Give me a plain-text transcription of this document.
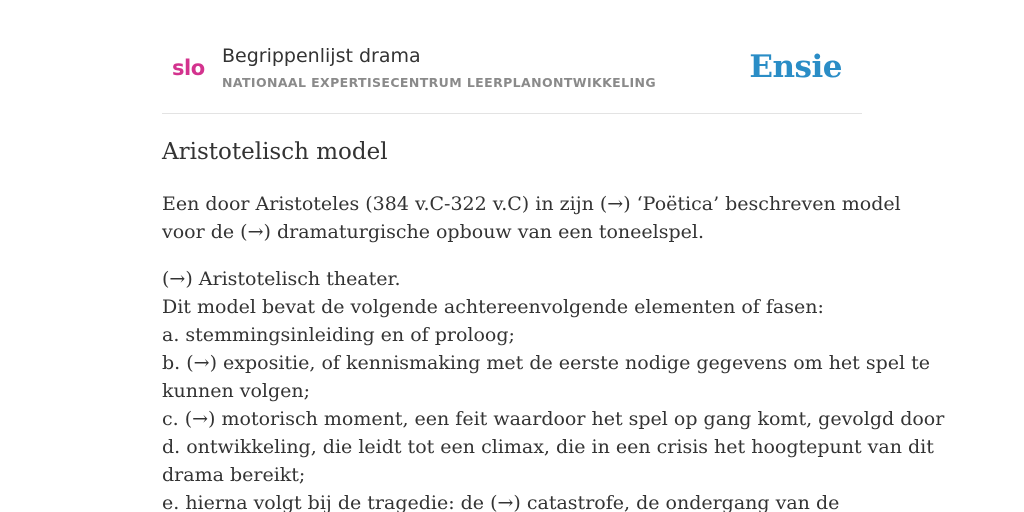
slo Begrippenlijst drama
NATIONAAL EXPERTISECENTRUM LEERPLANONTWIKKELING	Ensie
Aristotelisch model
Een door Aristoteles (384 v.C-322 v.C) in zijn (→) ‘Poëtica’ beschreven model
voor de (→) dramaturgische opbouw van een toneelspel.
(→) Aristotelisch theater.
Dit model bevat de volgende achtereenvolgende elementen of fasen:
a. stemmingsinleiding en of proloog;
b. (→) expositie, of kennismaking met de eerste nodige gegevens om het spel te
kunnen volgen;
c. (→) motorisch moment, een feit waardoor het spel op gang komt, gevolgd door
d. ontwikkeling, die leidt tot een climax, die in een crisis het hoogtepunt van dit
drama bereikt;
e. hierna volgt bij de tragedie: de (→) catastrofe, de ondergang van de
